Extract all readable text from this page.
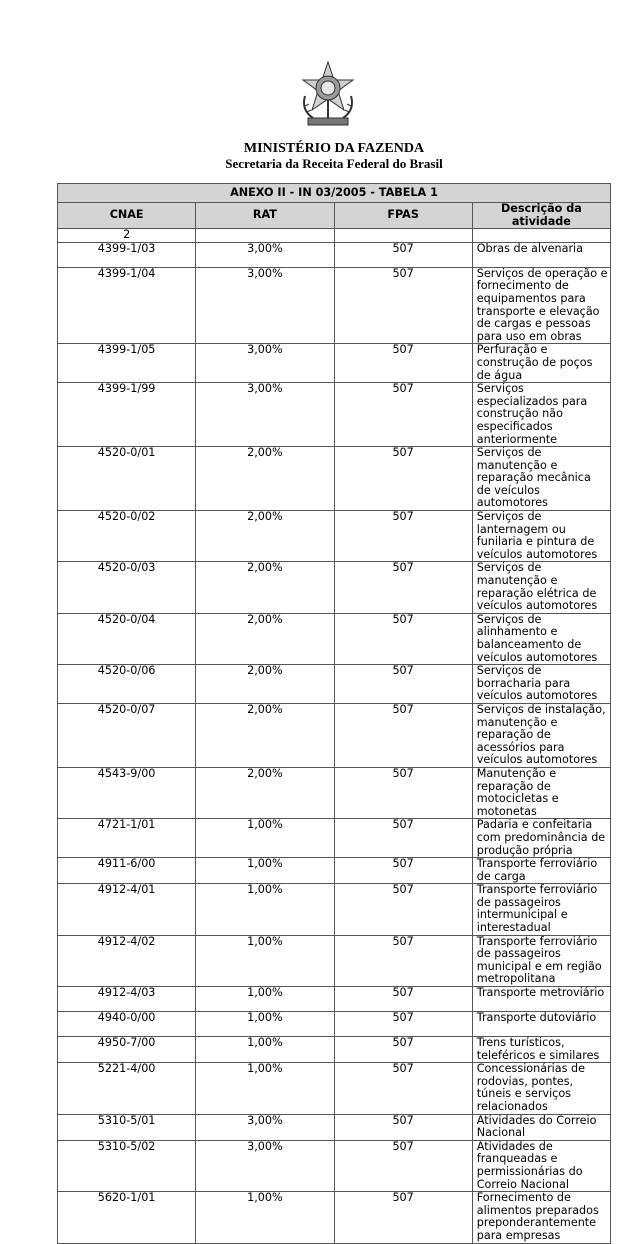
MINISTÉRIO DA FAZENDA
Secretaria da Receita Federal do Brasil
ANEXO II - IN 03/2005 - TABELA 1			
CNAE	RAT	FPAS	Descrição da atividade
2			
4399-1/03	3,00%	507	Obras de alvenaria
4399-1/04	3,00%	507	Serviços de operação e fornecimento de equipamentos para transporte e elevação de cargas e pessoas para uso em obras
4399-1/05	3,00%	507	Perfuração e construção de poços de água
4399-1/99	3,00%	507	Serviços especializados para construção não especificados anteriormente
4520-0/01	2,00%	507	Serviços de manutenção e reparação mecânica de veículos automotores
4520-0/02	2,00%	507	Serviços de lanternagem ou funilaria e pintura de veículos automotores
4520-0/03	2,00%	507	Serviços de manutenção e reparação elétrica de veículos automotores
4520-0/04	2,00%	507	Serviços de alinhamento e balanceamento de veículos automotores
4520-0/06	2,00%	507	Serviços de borracharia para veículos automotores
4520-0/07	2,00%	507	Serviços de instalação, manutenção e reparação de acessórios para veículos automotores
4543-9/00	2,00%	507	Manutenção e reparação de motocicletas e motonetas
4721-1/01	1,00%	507	Padaria e confeitaria com predominância de produção própria
4911-6/00	1,00%	507	Transporte ferroviário de carga
4912-4/01	1,00%	507	Transporte ferroviário de passageiros intermunicipal e interestadual
4912-4/02	1,00%	507	Transporte ferroviário de passageiros municipal e em região metropolitana
4912-4/03	1,00%	507	Transporte metroviário
4940-0/00	1,00%	507	Transporte dutoviário
4950-7/00	1,00%	507	Trens turísticos, teleféricos e similares
5221-4/00	1,00%	507	Concessionárias de rodovias, pontes, túneis e serviços relacionados
5310-5/01	3,00%	507	Atividades do Correio Nacional
5310-5/02	3,00%	507	Atividades de franqueadas e permissionárias do Correio Nacional
5620-1/01	1,00%	507	Fornecimento de alimentos preparados preponderantemente para empresas
